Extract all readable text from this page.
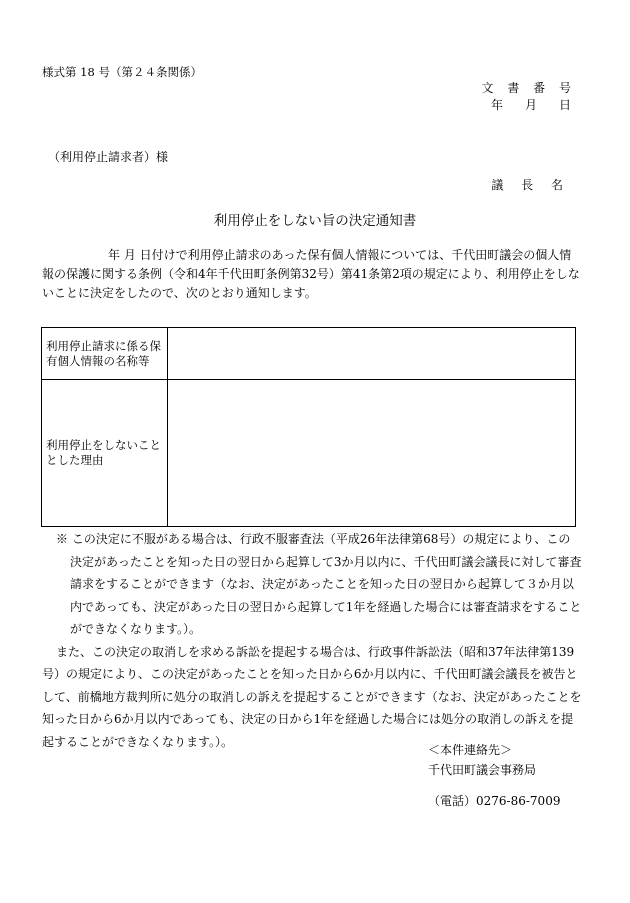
様式第 18 号（第２４条関係）
文 書 番 号
年　月　日
（利用停止請求者）様
議 長 名
利用停止をしない旨の決定通知書
年 月 日付けで利用停止請求のあった保有個人情報については、千代田町議会の個人情報の保護に関する条例（令和4年千代田町条例第32号）第41条第2項の規定により、利用停止をしないことに決定をしたので、次のとおり通知します。
利用停止請求に係る保有個人情報の名称等	
利用停止をしないこととした理由	

※ この決定に不服がある場合は、行政不服審査法（平成26年法律第68号）の規定により、この決定があったことを知った日の翌日から起算して3か月以内に、千代田町議会議長に対して審査請求をすることができます（なお、決定があったことを知った日の翌日から起算して３か月以内であっても、決定があった日の翌日から起算して1年を経過した場合には審査請求をすることができなくなります。）。

また、この決定の取消しを求める訴訟を提起する場合は、行政事件訴訟法（昭和37年法律第139号）の規定により、この決定があったことを知った日から6か月以内に、千代田町議会議長を被告として、前橋地方裁判所に処分の取消しの訴えを提起することができます（なお、決定があったことを知った日から6か月以内であっても、決定の日から1年を経過した場合には処分の取消しの訴えを提起することができなくなります。）。

＜本件連絡先＞
千代田町議会事務局
（電話）0276-86-7009
